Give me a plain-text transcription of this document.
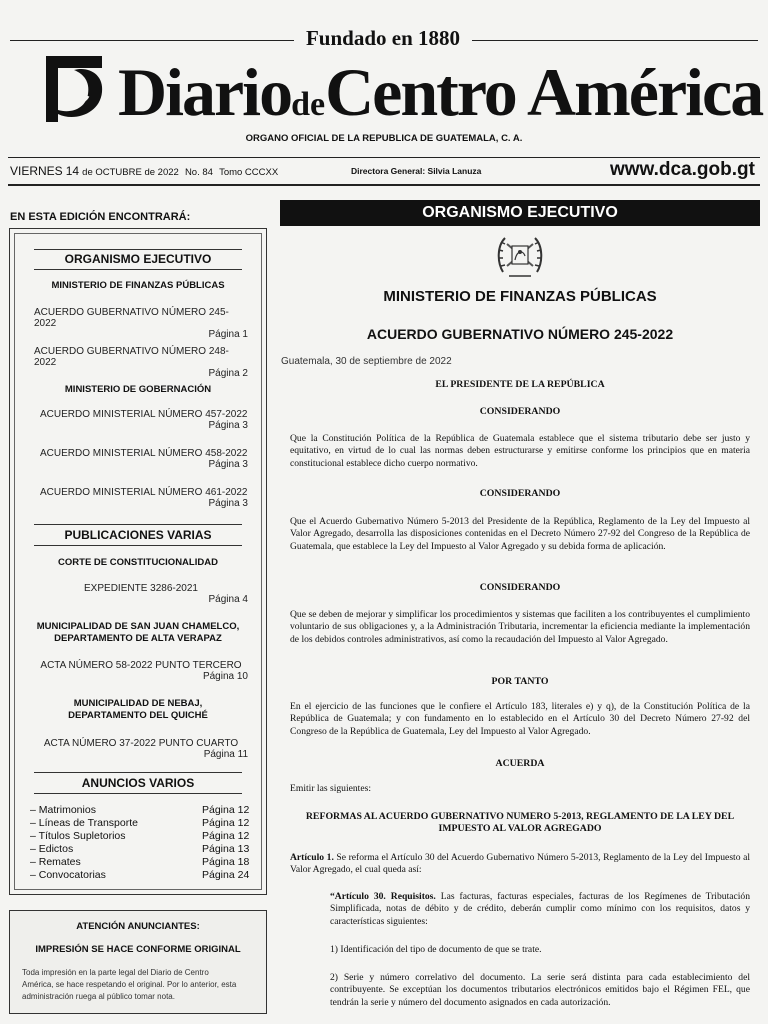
Fundado en 1880
DiariodeCentro América
ORGANO OFICIAL DE LA REPUBLICA DE GUATEMALA, C. A.
VIERNES 14 de OCTUBRE de 2022 No. 84 Tomo CCCXX	Directora General: Silvia Lanuza	www.dca.gob.gt
EN ESTA EDICIÓN ENCONTRARÁ:
ORGANISMO EJECUTIVO
MINISTERIO DE FINANZAS PÚBLICAS
ACUERDO GUBERNATIVO NÚMERO 245-2022
Página 1
ACUERDO GUBERNATIVO NÚMERO 248-2022
Página 2
MINISTERIO DE GOBERNACIÓN
ACUERDO MINISTERIAL NÚMERO 457-2022
Página 3
ACUERDO MINISTERIAL NÚMERO 458-2022
Página 3
ACUERDO MINISTERIAL NÚMERO 461-2022
Página 3
PUBLICACIONES VARIAS
CORTE DE CONSTITUCIONALIDAD
EXPEDIENTE 3286-2021
Página 4
MUNICIPALIDAD DE SAN JUAN CHAMELCO,
DEPARTAMENTO DE ALTA VERAPAZ
ACTA NÚMERO 58-2022 PUNTO TERCERO
Página 10
MUNICIPALIDAD DE NEBAJ,
DEPARTAMENTO DEL QUICHÉ
ACTA NÚMERO 37-2022 PUNTO CUARTO
Página 11
ANUNCIOS VARIOS
– Matrimonios	Página 12
– Líneas de Transporte	Página 12
– Títulos Supletorios	Página 12
– Edictos	Página 13
– Remates	Página 18
– Convocatorias	Página 24
ATENCIÓN ANUNCIANTES:
IMPRESIÓN SE HACE CONFORME ORIGINAL
Toda impresión en la parte legal del Diario de Centro
América, se hace respetando el original. Por lo anterior, esta
administración ruega al público tomar nota.
ORGANISMO EJECUTIVO
MINISTERIO DE FINANZAS PÚBLICAS
ACUERDO GUBERNATIVO NÚMERO 245-2022
Guatemala, 30 de septiembre de 2022
EL PRESIDENTE DE LA REPÚBLICA
CONSIDERANDO
Que la Constitución Política de la República de Guatemala establece que el sistema tributario debe ser justo y equitativo, en virtud de lo cual las normas deben estructurarse y emitirse conforme los principios que en materia constitucional establece dicho cuerpo normativo.
CONSIDERANDO
Que el Acuerdo Gubernativo Número 5-2013 del Presidente de la República, Reglamento de la Ley del Impuesto al Valor Agregado, desarrolla las disposiciones contenidas en el Decreto Número 27-92 del Congreso de la República de Guatemala, que establece la Ley del Impuesto al Valor Agregado y su debida forma de aplicación.
CONSIDERANDO
Que se deben de mejorar y simplificar los procedimientos y sistemas que faciliten a los contribuyentes el cumplimiento voluntario de sus obligaciones y, a la Administración Tributaria, incrementar la eficiencia mediante la implementación de los debidos controles administrativos, así como la recaudación del Impuesto al Valor Agregado.
POR TANTO
En el ejercicio de las funciones que le confiere el Artículo 183, literales e) y q), de la Constitución Política de la República de Guatemala; y con fundamento en lo establecido en el Artículo 30 del Decreto Número 27-92 del Congreso de la República de Guatemala, Ley del Impuesto al Valor Agregado.
ACUERDA
Emitir las siguientes:
REFORMAS AL ACUERDO GUBERNATIVO NUMERO 5-2013, REGLAMENTO DE LA LEY DEL
IMPUESTO AL VALOR AGREGADO
Artículo 1. Se reforma el Artículo 30 del Acuerdo Gubernativo Número 5-2013, Reglamento de la Ley del Impuesto al Valor Agregado, el cual queda así:
“Artículo 30. Requisitos. Las facturas, facturas especiales, facturas de los Regímenes de Tributación Simplificada, notas de débito y de crédito, deberán cumplir como mínimo con los requisitos, datos y características siguientes:
1) Identificación del tipo de documento de que se trate.
2) Serie y número correlativo del documento. La serie será distinta para cada establecimiento del contribuyente. Se exceptúan los documentos tributarios electrónicos emitidos bajo el Régimen FEL, que tendrán la serie y número del documento asignados en cada autorización.
